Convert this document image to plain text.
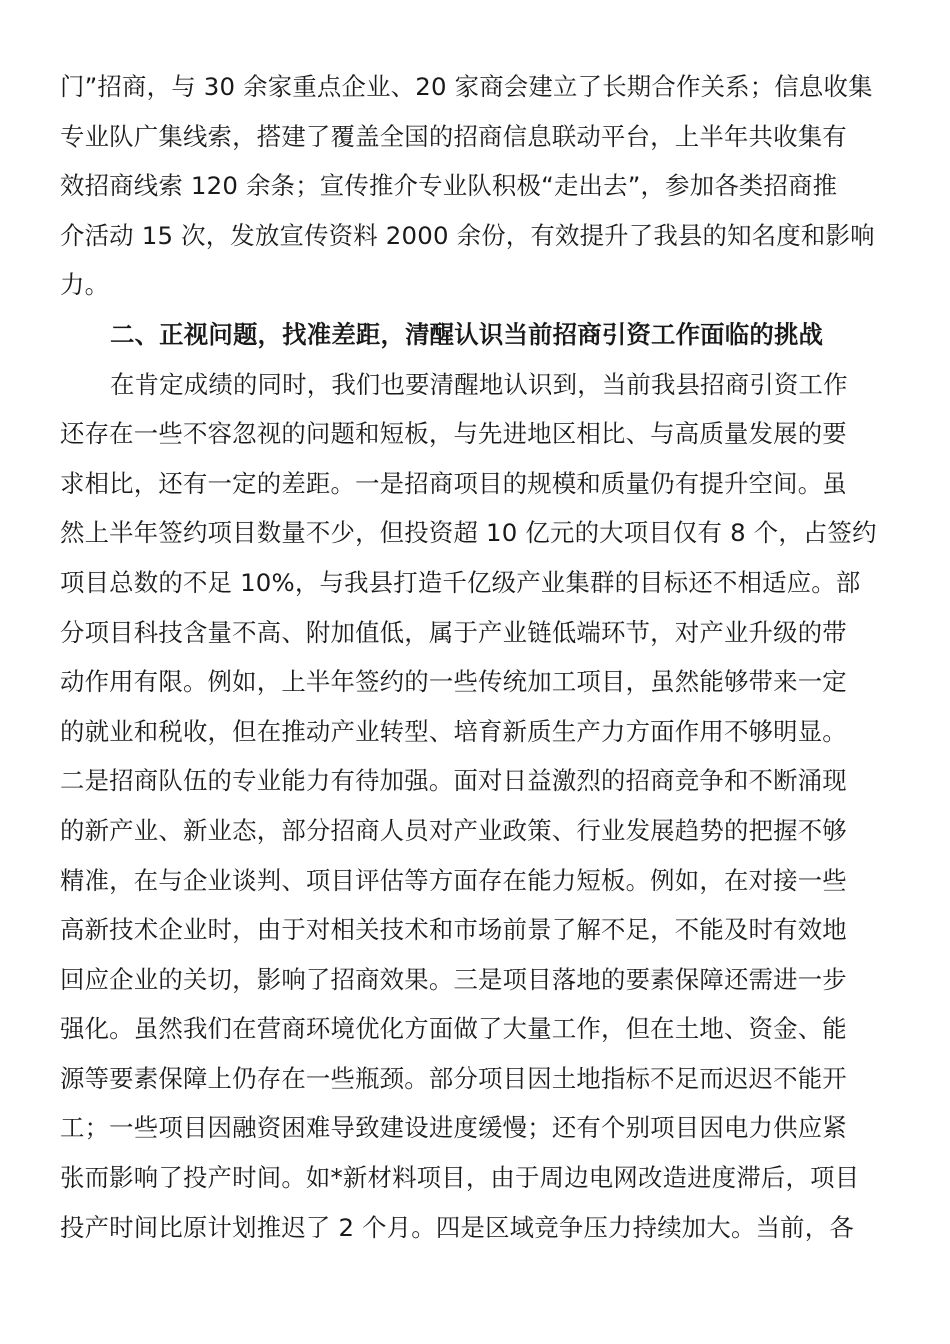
门”招商，与 30 余家重点企业、20 家商会建立了长期合作关系；信息收集
专业队广集线索，搭建了覆盖全国的招商信息联动平台，上半年共收集有
效招商线索 120 余条；宣传推介专业队积极“走出去”，参加各类招商推
介活动 15 次，发放宣传资料 2000 余份，有效提升了我县的知名度和影响
力。
二、正视问题，找准差距，清醒认识当前招商引资工作面临的挑战
在肯定成绩的同时，我们也要清醒地认识到，当前我县招商引资工作
还存在一些不容忽视的问题和短板，与先进地区相比、与高质量发展的要
求相比，还有一定的差距。一是招商项目的规模和质量仍有提升空间。虽
然上半年签约项目数量不少，但投资超 10 亿元的大项目仅有 8 个，占签约
项目总数的不足 10%，与我县打造千亿级产业集群的目标还不相适应。部
分项目科技含量不高、附加值低，属于产业链低端环节，对产业升级的带
动作用有限。例如，上半年签约的一些传统加工项目，虽然能够带来一定
的就业和税收，但在推动产业转型、培育新质生产力方面作用不够明显。
二是招商队伍的专业能力有待加强。面对日益激烈的招商竞争和不断涌现
的新产业、新业态，部分招商人员对产业政策、行业发展趋势的把握不够
精准，在与企业谈判、项目评估等方面存在能力短板。例如，在对接一些
高新技术企业时，由于对相关技术和市场前景了解不足，不能及时有效地
回应企业的关切，影响了招商效果。三是项目落地的要素保障还需进一步
强化。虽然我们在营商环境优化方面做了大量工作，但在土地、资金、能
源等要素保障上仍存在一些瓶颈。部分项目因土地指标不足而迟迟不能开
工；一些项目因融资困难导致建设进度缓慢；还有个别项目因电力供应紧
张而影响了投产时间。如*新材料项目，由于周边电网改造进度滞后，项目
投产时间比原计划推迟了 2 个月。四是区域竞争压力持续加大。当前，各
